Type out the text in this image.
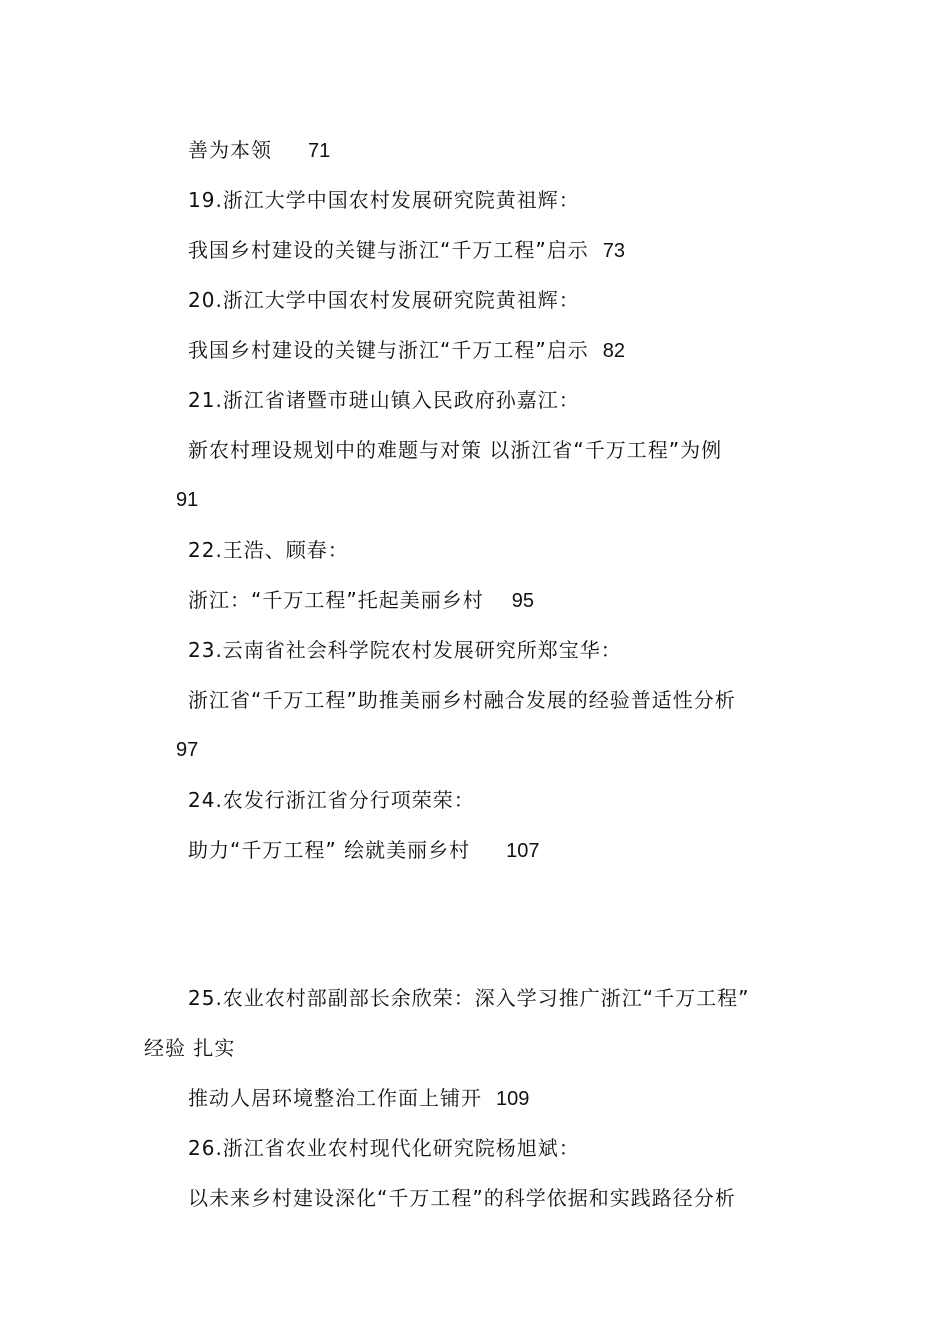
善为本领 71
19.浙江大学中国农村发展研究院黄祖辉：
我国乡村建设的关键与浙江“千万工程”启示 73
20.浙江大学中国农村发展研究院黄祖辉：
我国乡村建设的关键与浙江“千万工程”启示 82
21.浙江省诸暨市琎山镇入民政府孙嘉江：
新农村理设规划中的难题与对策 以浙江省“千万工程”为例
91
22.王浩、顾春：
浙江：“千万工程”托起美丽乡村 95
23.云南省社会科学院农村发展研究所郑宝华：
浙江省“千万工程”助推美丽乡村融合发展的经验普适性分析
97
24.农发行浙江省分行项荣荣：
助力“千万工程” 绘就美丽乡村 107
25.农业农村部副部长余欣荣：深入学习推广浙江“千万工程”
经验 扎实
推动人居环境整治工作面上铺开 109
26.浙江省农业农村现代化研究院杨旭斌：
以未来乡村建设深化“千万工程”的科学依据和实践路径分析
